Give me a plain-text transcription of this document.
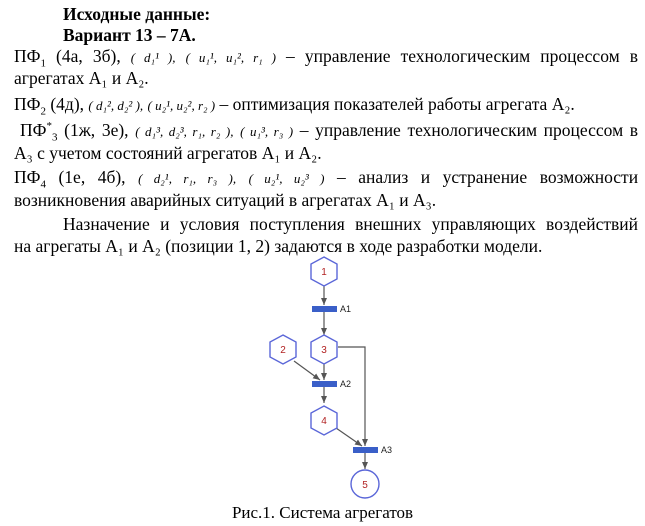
Исходные данные:
Вариант 13 – 7А.
$ПФ_1$ (4а, 3б), ( d₁¹ ), ( u₁¹, u₁², r₁ ) – управление технологическим процессом в
агрегатах А₁ и А₂.
$ПФ_2$ (4д), ( d₁², d₂² ), ( u₂¹, u₂², r₂ ) – оптимизация показателей работы агрегата А₂.
$ПФ^*_3$ (1ж, 3е), ( d₁³, d₂³, r₁, r₂ ), ( u₁³, r₃ ) – управление технологическим процессом в
А₃ с учетом состояний агрегатов А₁ и А₂.
$ПФ_4$ (1е, 4б), ( d₂¹, r₁, r₃ ), ( u₂¹, u₂³ ) – анализ и устранение возможности
возникновения аварийных ситуаций в агрегатах А₁ и А₃.
Назначение и условия поступления внешних управляющих воздействий
на агрегаты А₁ и А₂ (позиции 1, 2) задаются в ходе разработки модели.
1
2	3
4
5
A1
A2
A3
Рис.1. Система агрегатов
